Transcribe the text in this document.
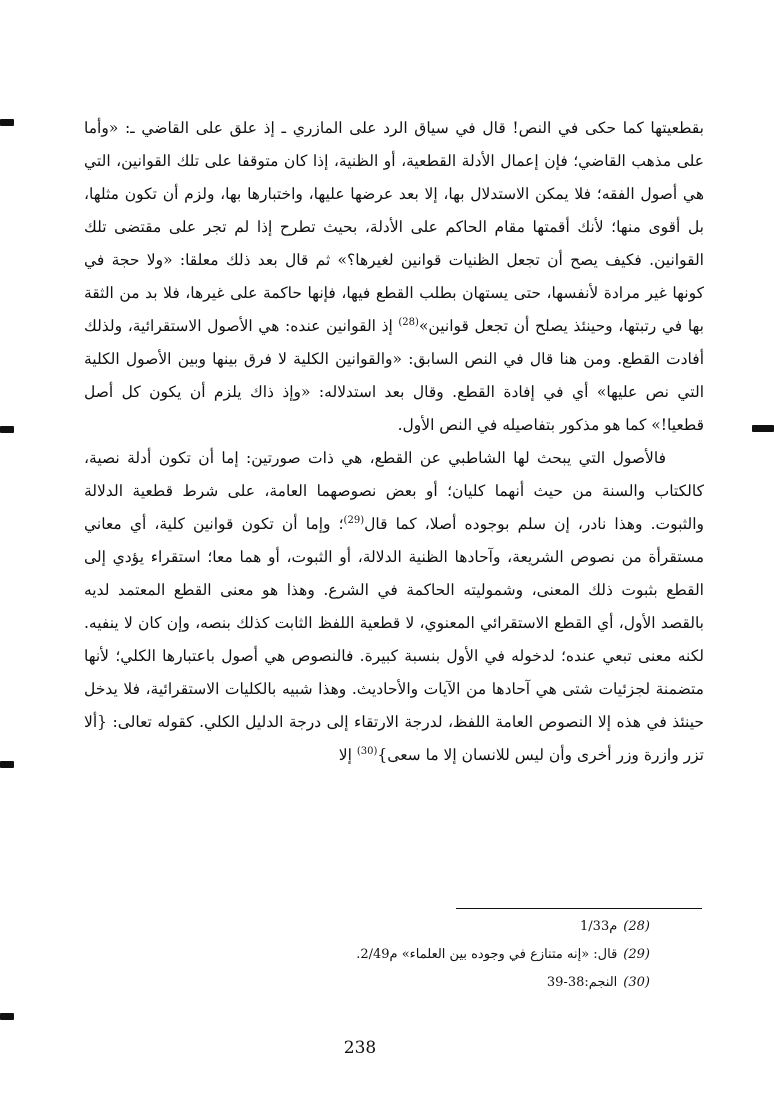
بقطعيتها كما حكى في النص! قال في سياق الرد على المازري ـ إذ علق على القاضي ـ: «وأما على مذهب القاضي؛ فإن إعمال الأدلة القطعية، أو الظنية، إذا كان متوقفا على تلك القوانين، التي هي أصول الفقه؛ فلا يمكن الاستدلال بها، إلا بعد عرضها عليها، واختبارها بها، ولزم أن تكون مثلها، بل أقوى منها؛ لأنك أقمتها مقام الحاكم على الأدلة، بحيث تطرح إذا لم تجر على مقتضى تلك القوانين. فكيف يصح أن تجعل الظنيات قوانين لغيرها؟» ثم قال بعد ذلك معلقا: «ولا حجة في كونها غير مرادة لأنفسها، حتى يستهان بطلب القطع فيها، فإنها حاكمة على غيرها، فلا بد من الثقة بها في رتبتها، وحينئذ يصلح أن تجعل قوانين»$^{(28)}$ إذ القوانين عنده: هي الأصول الاستقرائية، ولذلك أفادت القطع. ومن هنا قال في النص السابق: «والقوانين الكلية لا فرق بينها وبين الأصول الكلية التي نص عليها» أي في إفادة القطع. وقال بعد استدلاله: «وإذ ذاك يلزم أن يكون كل أصل قطعيا!» كما هو مذكور بتفاصيله في النص الأول.

فالأصول التي يبحث لها الشاطبي عن القطع، هي ذات صورتين: إما أن تكون أدلة نصية، كالكتاب والسنة من حيث أنهما كليان؛ أو بعض نصوصهما العامة، على شرط قطعية الدلالة والثبوت. وهذا نادر، إن سلم بوجوده أصلا، كما قال$^{(29)}$؛ وإما أن تكون قوانين كلية، أي معاني مستقرأة من نصوص الشريعة، وآحادها الظنية الدلالة، أو الثبوت، أو هما معا؛ استقراء يؤدي إلى القطع بثبوت ذلك المعنى، وشموليته الحاكمة في الشرع. وهذا هو معنى القطع المعتمد لديه بالقصد الأول، أي القطع الاستقرائي المعنوي، لا قطعية اللفظ الثابت كذلك بنصه، وإن كان لا ينفيه. لكنه معنى تبعي عنده؛ لدخوله في الأول بنسبة كبيرة. فالنصوص هي أصول باعتبارها الكلي؛ لأنها متضمنة لجزئيات شتى هي آحادها من الآيات والأحاديث. وهذا شبيه بالكليات الاستقرائية، فلا يدخل حينئذ في هذه إلا النصوص العامة اللفظ، لدرجة الارتقاء إلى درجة الدليل الكلي. كقوله تعالى: {ألا تزر وازرة وزر أخرى وأن ليس للانسان إلا ما سعى}$^{(30)}$ إلا

(28)م1/33

(29)قال: «إنه متنازع في وجوده بين العلماء» م2/49.

(30)النجم:38-39

238
